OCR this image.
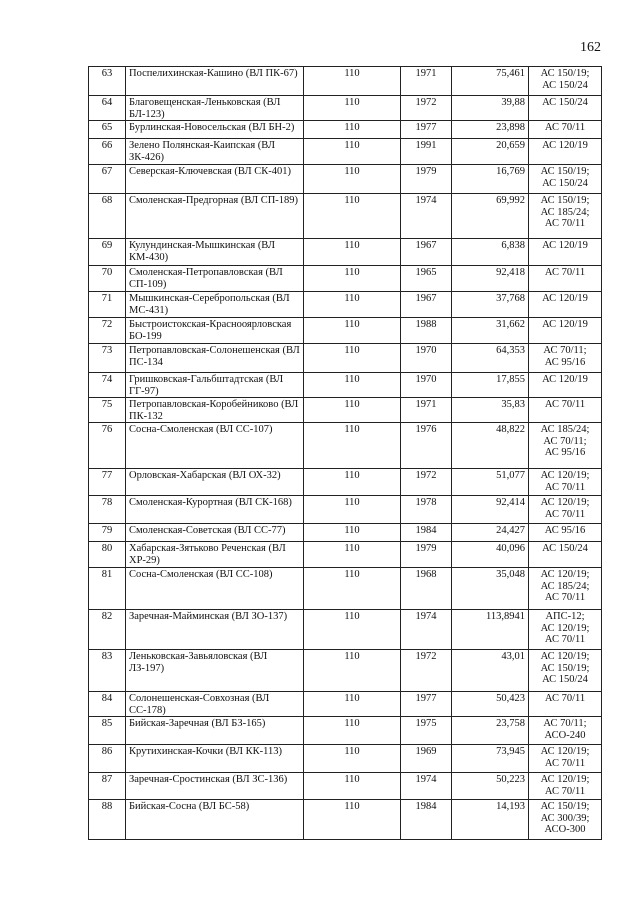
162
63	Поспелихинская-Кашино (ВЛ ПК-67)	110	1971	75,461	АС 150/19;
АС 150/24

64	Благовещенская-Леньковская (ВЛ БЛ-123)	110	1972	39,88	АС 150/24

65	Бурлинская-Новосельская (ВЛ БН-2)	110	1977	23,898	АС 70/11

66	Зелено Полянская-Каипская (ВЛ ЗК-426)	110	1991	20,659	АС 120/19

67	Северская-Ключевская (ВЛ СК-401)	110	1979	16,769	АС 150/19;
АС 150/24

68	Смоленская-Предгорная (ВЛ СП-189)	110	1974	69,992	АС 150/19;
АС 185/24;
АС 70/11

69	Кулундинская-Мышкинская (ВЛ КМ-430)	110	1967	6,838	АС 120/19

70	Смоленская-Петропавловская (ВЛ СП-109)	110	1965	92,418	АС 70/11

71	Мышкинская-Серебропольская (ВЛ МС-431)	110	1967	37,768	АС 120/19

72	Быстроистокская-Краснооярловская БО-199	110	1988	31,662	АС 120/19

73	Петропавловская-Солонешенская (ВЛ ПС-134	110	1970	64,353	АС 70/11;
АС 95/16

74	Гришковская-Гальбштадтская (ВЛ ГГ-97)	110	1970	17,855	АС 120/19

75	Петропавловская-Коробейниково (ВЛ ПК-132	110	1971	35,83	АС 70/11

76	Сосна-Смоленская (ВЛ СС-107)	110	1976	48,822	АС 185/24;
АС 70/11;
АС 95/16

77	Орловская-Хабарская (ВЛ ОХ-32)	110	1972	51,077	АС 120/19;
АС 70/11

78	Смоленская-Курортная (ВЛ СК-168)	110	1978	92,414	АС 120/19;
АС 70/11

79	Смоленская-Советская (ВЛ СС-77)	110	1984	24,427	АС 95/16

80	Хабарская-Зятьково Реченская (ВЛ ХР-29)	110	1979	40,096	АС 150/24

81	Сосна-Смоленская (ВЛ СС-108)	110	1968	35,048	АС 120/19;
АС 185/24;
АС 70/11

82	Заречная-Майминская (ВЛ ЗО-137)	110	1974	113,8941	АПС-12;
АС 120/19;
АС 70/11

83	Леньковская-Завьяловская (ВЛ ЛЗ-197)	110	1972	43,01	АС 120/19;
АС 150/19;
АС 150/24

84	Солонешенская-Совхозная (ВЛ СС-178)	110	1977	50,423	АС 70/11

85	Бийская-Заречная (ВЛ БЗ-165)	110	1975	23,758	АС 70/11;
АСО-240

86	Крутихинская-Кочки (ВЛ КК-113)	110	1969	73,945	АС 120/19;
АС 70/11

87	Заречная-Сростинская (ВЛ ЗС-136)	110	1974	50,223	АС 120/19;
АС 70/11

88	Бийская-Сосна (ВЛ БС-58)	110	1984	14,193	АС 150/19;
АС 300/39;
АСО-300
